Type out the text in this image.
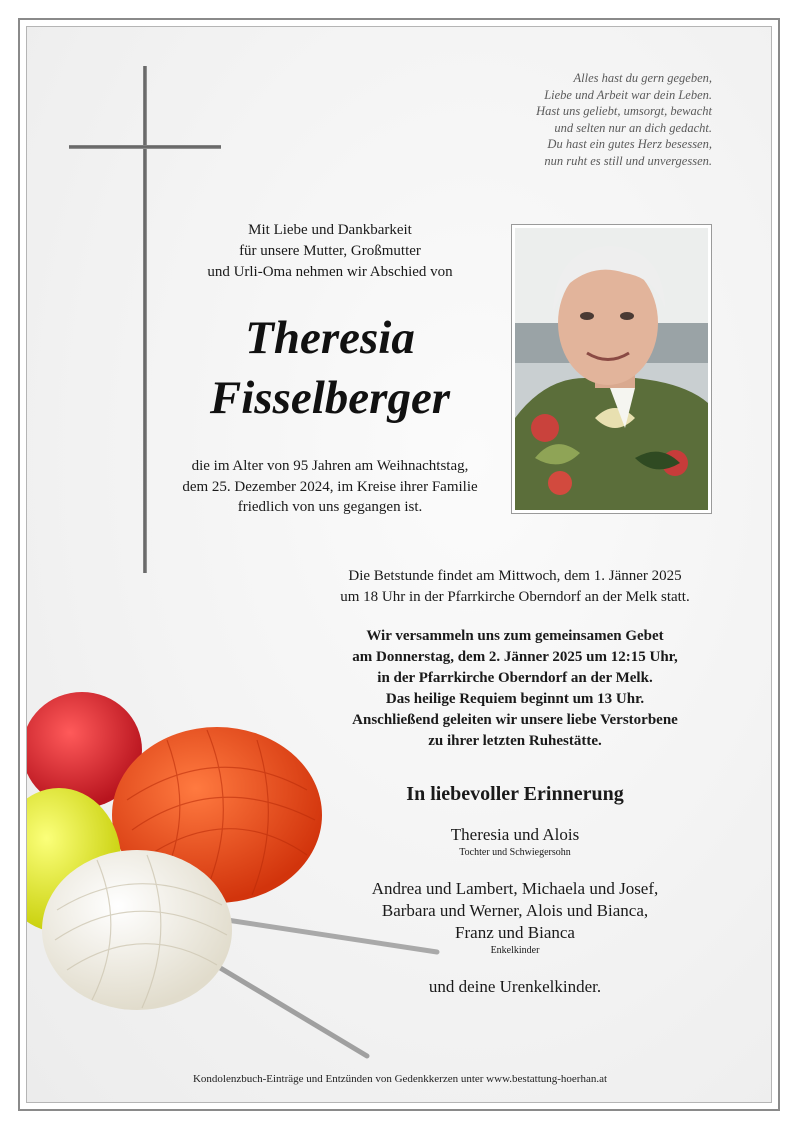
Alles hast du gern gegeben,
Liebe und Arbeit war dein Leben.
Hast uns geliebt, umsorgt, bewacht
und selten nur an dich gedacht.
Du hast ein gutes Herz besessen,
nun ruht es still und unvergessen.
Mit Liebe und Dankbarkeit
für unsere Mutter, Großmutter
und Urli-Oma nehmen wir Abschied von
Theresia
Fisselberger
die im Alter von 95 Jahren am Weihnachtstag,
dem 25. Dezember 2024, im Kreise ihrer Familie
friedlich von uns gegangen ist.
Die Betstunde findet am Mittwoch, dem 1. Jänner 2025
um 18 Uhr in der Pfarrkirche Oberndorf an der Melk statt.
Wir versammeln uns zum gemeinsamen Gebet
am Donnerstag, dem 2. Jänner 2025 um 12:15 Uhr,
in der Pfarrkirche Oberndorf an der Melk.
Das heilige Requiem beginnt um 13 Uhr.
Anschließend geleiten wir unsere liebe Verstorbene
zu ihrer letzten Ruhestätte.
In liebevoller Erinnerung
Theresia und Alois
Tochter und Schwiegersohn
Andrea und Lambert, Michaela und Josef,
Barbara und Werner, Alois und Bianca,
Franz und Bianca
Enkelkinder
und deine Urenkelkinder.
Kondolenzbuch-Einträge und Entzünden von Gedenkkerzen unter www.bestattung-hoerhan.at
